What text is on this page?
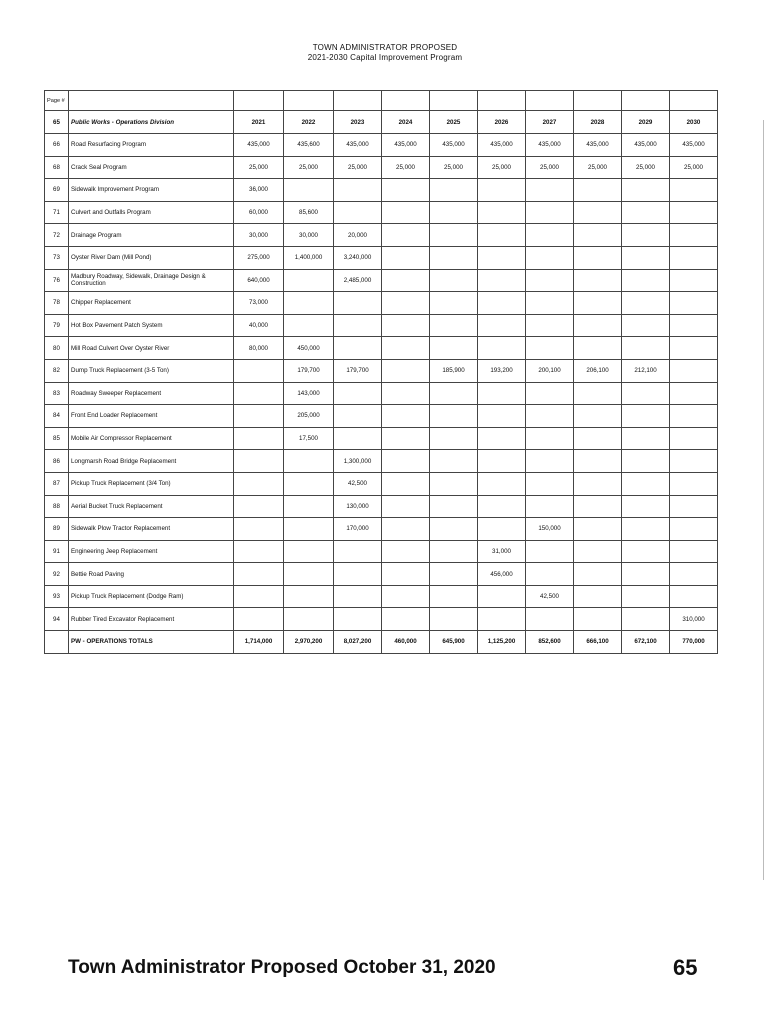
TOWN ADMINISTRATOR PROPOSED
2021-2030 Capital Improvement Program
Page #											
65	Public Works - Operations Division	2021	2022	2023	2024	2025	2026	2027	2028	2029	2030
66	Road Resurfacing Program	435,000	435,600	435,000	435,000	435,000	435,000	435,000	435,000	435,000	435,000
68	Crack Seal Program	25,000	25,000	25,000	25,000	25,000	25,000	25,000	25,000	25,000	25,000
69	Sidewalk Improvement Program	36,000									
71	Culvert and Outfalls Program	60,000	85,600								
72	Drainage Program	30,000	30,000	20,000							
73	Oyster River Dam (Mill Pond)	275,000	1,400,000	3,240,000							
76	Madbury Roadway, Sidewalk, Drainage Design & Construction	640,000		2,485,000							
78	Chipper Replacement	73,000									
79	Hot Box Pavement Patch System	40,000									
80	Mill Road Culvert Over Oyster River	80,000	450,000								
82	Dump Truck Replacement (3-5 Ton)		179,700	179,700		185,900	193,200	200,100	206,100	212,100	
83	Roadway Sweeper Replacement		143,000								
84	Front End Loader Replacement		205,000								
85	Mobile Air Compressor Replacement		17,500								
86	Longmarsh Road Bridge Replacement			1,300,000							
87	Pickup Truck Replacement (3/4 Ton)			42,500							
88	Aerial Bucket Truck Replacement			130,000							
89	Sidewalk Plow Tractor Replacement			170,000				150,000			
91	Engineering Jeep Replacement						31,000				
92	Bettie Road Paving						456,000				
93	Pickup Truck Replacement (Dodge Ram)							42,500			
94	Rubber Tired Excavator Replacement										310,000
	PW - OPERATIONS TOTALS	1,714,000	2,970,200	8,027,200	460,000	645,900	1,125,200	852,600	666,100	672,100	770,000
Town Administrator Proposed October 31, 2020	65
